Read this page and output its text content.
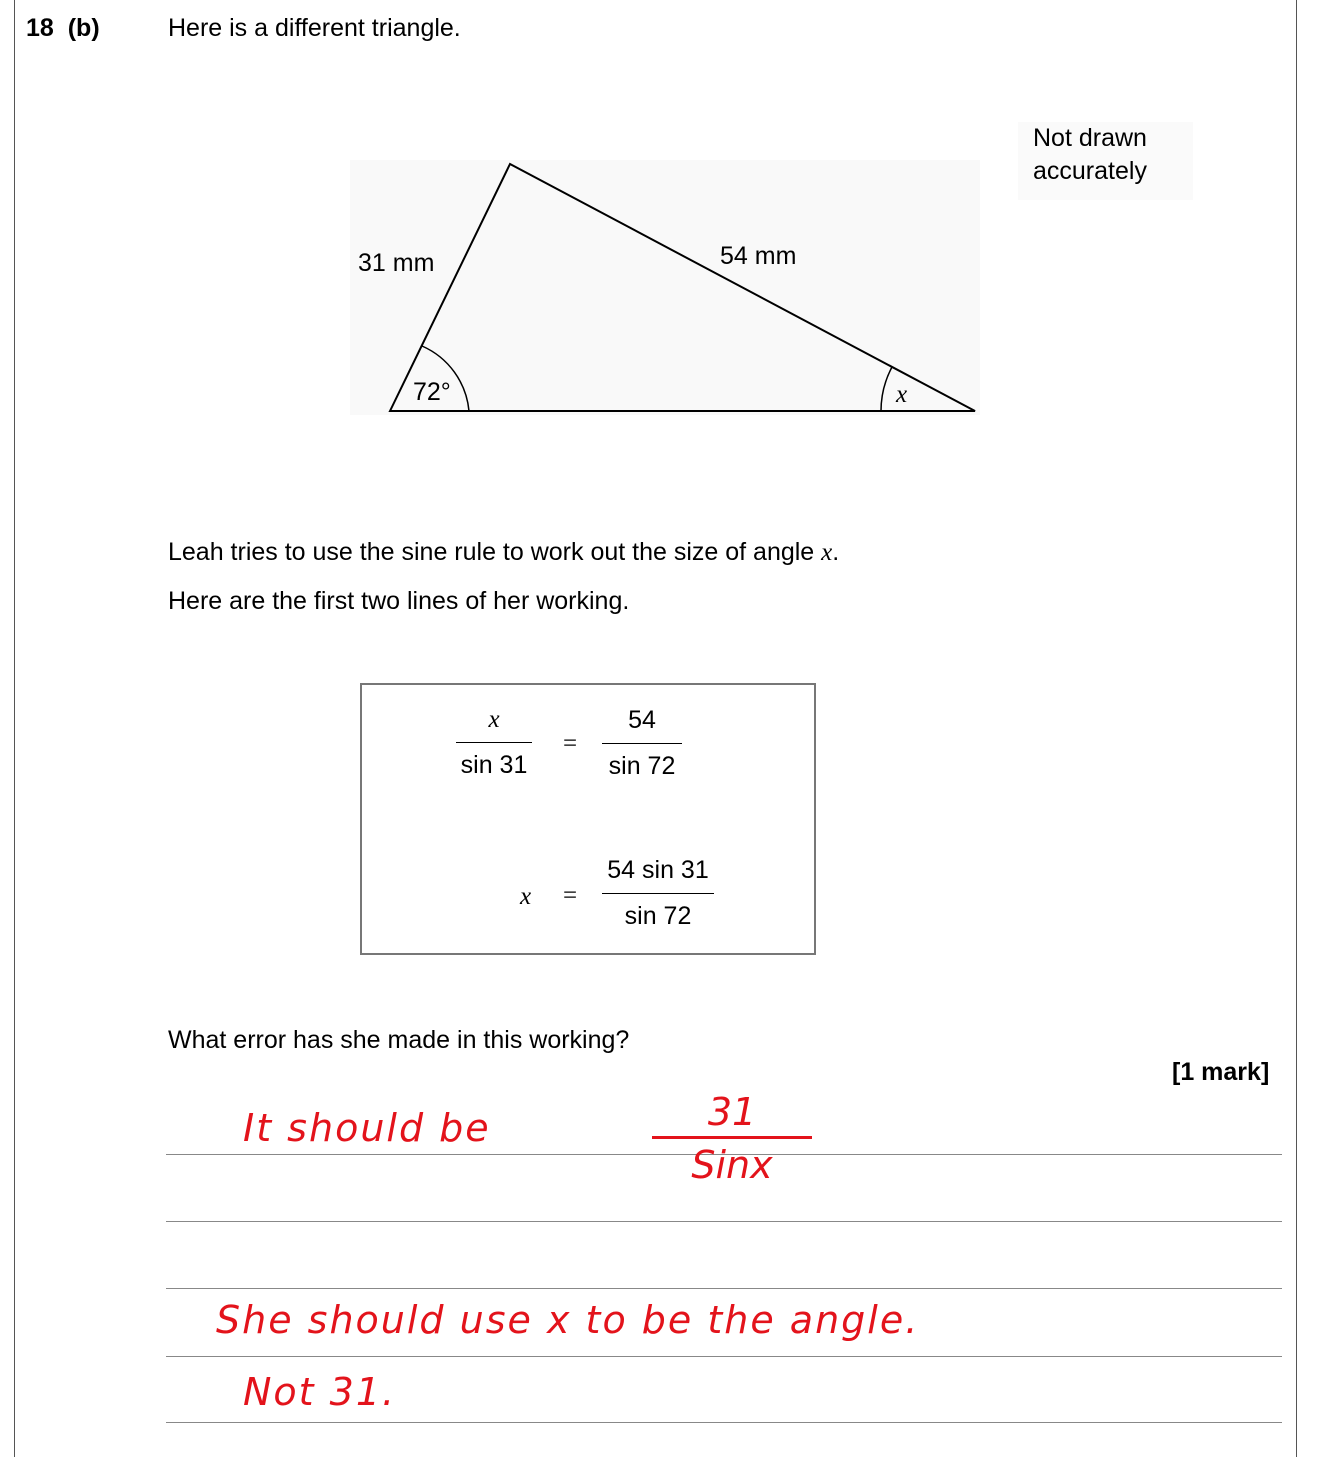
18 (b)	Here is a different triangle.
31 mm	54 mm
72°	x
Not drawn
accurately
Leah tries to use the sine rule to work out the size of angle x.
Here are the first two lines of her working.
$\frac{x}{\sin 31} = \frac{54}{\sin 72}$
$x = \frac{54 \sin 31}{\sin 72}$
What error has she made in this working?
[1 mark]
It should be	31
Sinx
She should use x to be the angle.
Not 31.
